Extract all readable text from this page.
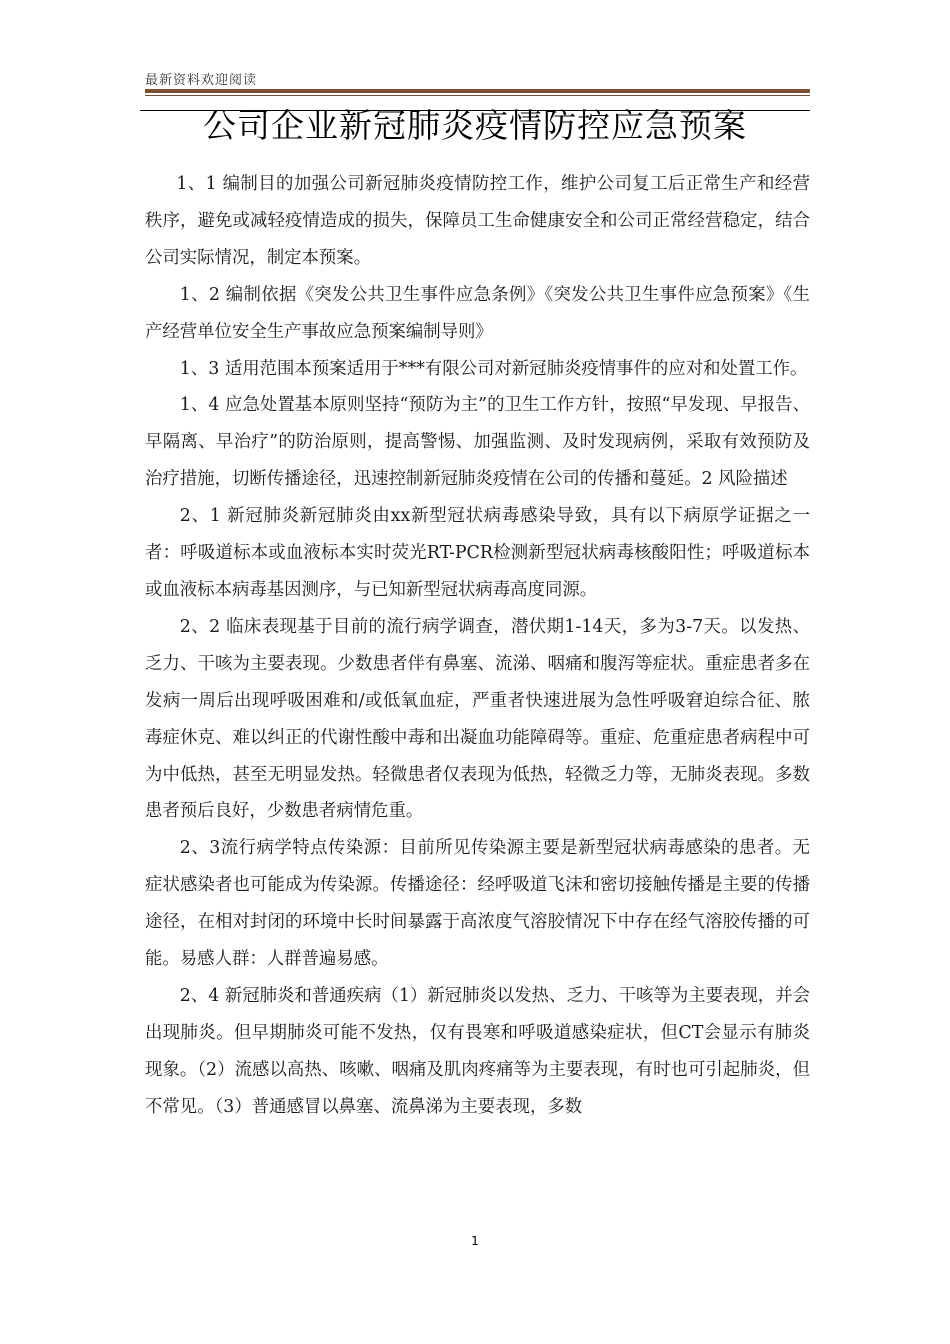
最新资料欢迎阅读
公司企业新冠肺炎疫情防控应急预案

1、1 编制目的加强公司新冠肺炎疫情防控工作，维护公司复工后正常生产和经营秩序，避免或减轻疫情造成的损失，保障员工生命健康安全和公司正常经营稳定，结合公司实际情况，制定本预案。

1、2 编制依据《突发公共卫生事件应急条例》《突发公共卫生事件应急预案》《生产经营单位安全生产事故应急预案编制导则》

1、3 适用范围本预案适用于***有限公司对新冠肺炎疫情事件的应对和处置工作。

1、4 应急处置基本原则坚持“预防为主”的卫生工作方针，按照“早发现、早报告、早隔离、早治疗”的防治原则，提高警惕、加强监测、及时发现病例，采取有效预防及治疗措施，切断传播途径，迅速控制新冠肺炎疫情在公司的传播和蔓延。2 风险描述

2、1 新冠肺炎新冠肺炎由xx新型冠状病毒感染导致，具有以下病原学证据之一者：呼吸道标本或血液标本实时荧光RT-PCR检测新型冠状病毒核酸阳性；呼吸道标本或血液标本病毒基因测序，与已知新型冠状病毒高度同源。

2、2 临床表现基于目前的流行病学调查，潜伏期1-14天，多为3-7天。以发热、乏力、干咳为主要表现。少数患者伴有鼻塞、流涕、咽痛和腹泻等症状。重症患者多在发病一周后出现呼吸困难和/或低氧血症，严重者快速进展为急性呼吸窘迫综合征、脓毒症休克、难以纠正的代谢性酸中毒和出凝血功能障碍等。重症、危重症患者病程中可为中低热，甚至无明显发热。轻微患者仅表现为低热，轻微乏力等，无肺炎表现。多数患者预后良好，少数患者病情危重。

2、3流行病学特点传染源：目前所见传染源主要是新型冠状病毒感染的患者。无症状感染者也可能成为传染源。传播途径：经呼吸道飞沫和密切接触传播是主要的传播途径，在相对封闭的环境中长时间暴露于高浓度气溶胶情况下中存在经气溶胶传播的可能。易感人群：人群普遍易感。

2、4 新冠肺炎和普通疾病（1）新冠肺炎以发热、乏力、干咳等为主要表现，并会出现肺炎。但早期肺炎可能不发热，仅有畏寒和呼吸道感染症状，但CT会显示有肺炎现象。（2）流感以高热、咳嗽、咽痛及肌肉疼痛等为主要表现，有时也可引起肺炎，但不常见。（3）普通感冒以鼻塞、流鼻涕为主要表现，多数

1
